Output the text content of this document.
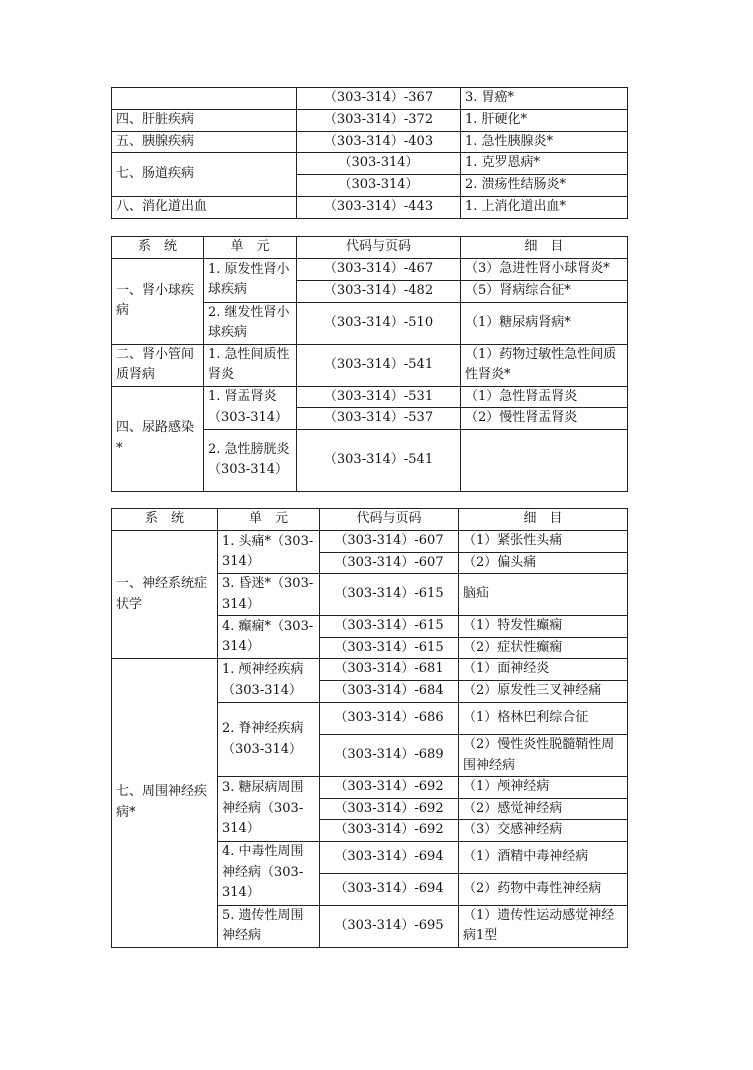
	（303-314）-367	3. 胃癌*
四、肝脏疾病	（303-314）-372	1. 肝硬化*
五、胰腺疾病	（303-314）-403	1. 急性胰腺炎*
七、肠道疾病	（303-314）	1. 克罗恩病*
	（303-314）	2. 溃疡性结肠炎*
八、消化道出血	（303-314）-443	1. 上消化道出血*
系　统	单　元	代码与页码	细　目
一、肾小球疾病	1. 原发性肾小球疾病	（303-314）-467	（3）急进性肾小球肾炎*
		（303-314）-482	（5）肾病综合征*
	2. 继发性肾小球疾病	（303-314）-510	（1）糖尿病肾病*
二、肾小管间质肾病	1. 急性间质性肾炎	（303-314）-541	（1）药物过敏性急性间质性肾炎*
四、尿路感染*	1. 肾盂肾炎（303-314）	（303-314）-531	（1）急性肾盂肾炎
		（303-314）-537	（2）慢性肾盂肾炎
	2. 急性膀胱炎（303-314）	（303-314）-541	
系　统	单　元	代码与页码	细　目
一、神经系统症状学	1. 头痛*（303-314）	（303-314）-607	（1）紧张性头痛
		（303-314）-607	（2）偏头痛
	3. 昏迷*（303-314）	（303-314）-615	脑疝
	4. 癫痫*（303-314）	（303-314）-615	（1）特发性癫痫
		（303-314）-615	（2）症状性癫痫
七、周围神经疾病*	1. 颅神经疾病（303-314）	（303-314）-681	（1）面神经炎
		（303-314）-684	（2）原发性三叉神经痛
	2. 脊神经疾病（303-314）	（303-314）-686	（1）格林巴利综合征
		（303-314）-689	（2）慢性炎性脱髓鞘性周围神经病
	3. 糖尿病周围神经病（303-314）	（303-314）-692	（1）颅神经病
		（303-314）-692	（2）感觉神经病
		（303-314）-692	（3）交感神经病
	4. 中毒性周围神经病（303-314）	（303-314）-694	（1）酒精中毒神经病
		（303-314）-694	（2）药物中毒性神经病
	5. 遗传性周围神经病	（303-314）-695	（1）遗传性运动感觉神经病1型
